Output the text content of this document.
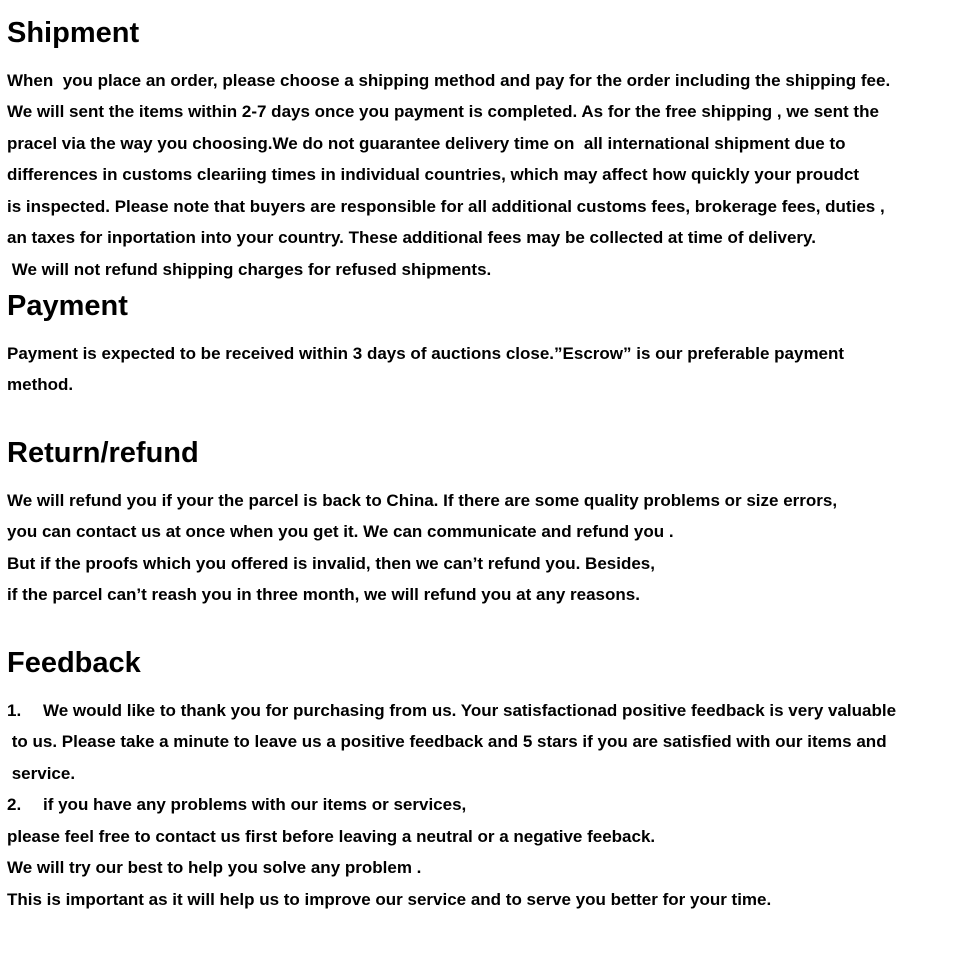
Shipment

When  you place an order, please choose a shipping method and pay for the order including the shipping fee.

We will sent the items within 2-7 days once you payment is completed. As for the free shipping , we sent the

pracel via the way you choosing.We do not guarantee delivery time on  all international shipment due to

differences in customs cleariing times in individual countries, which may affect how quickly your proudct

is inspected. Please note that buyers are responsible for all additional customs fees, brokerage fees, duties ,

an taxes for inportation into your country. These additional fees may be collected at time of delivery.

We will not refund shipping charges for refused shipments.

Payment

Payment is expected to be received within 3 days of auctions close.”Escrow” is our preferable payment

method.

Return/refund

We will refund you if your the parcel is back to China. If there are some quality problems or size errors,

you can contact us at once when you get it. We can communicate and refund you .

But if the proofs which you offered is invalid, then we can’t refund you. Besides,

if the parcel can’t reash you in three month, we will refund you at any reasons.

Feedback

1. We would like to thank you for purchasing from us. Your satisfactionad positive feedback is very valuable

to us. Please take a minute to leave us a positive feedback and 5 stars if you are satisfied with our items and

service.

2. if you have any problems with our items or services,

please feel free to contact us first before leaving a neutral or a negative feeback.

We will try our best to help you solve any problem .

This is important as it will help us to improve our service and to serve you better for your time.
